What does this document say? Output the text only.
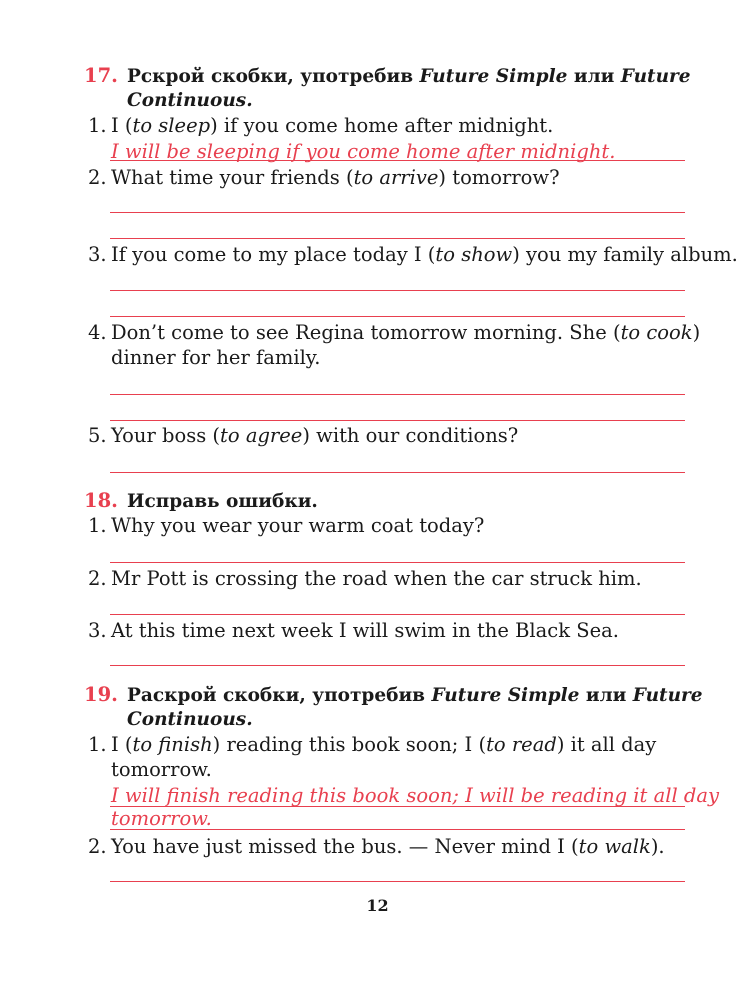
17. Рскрой скобки, употребив Future Simple или Future
Continuous.
1. I (to sleep) if you come home after midnight.
I will be sleeping if you come home after midnight.
2. What time your friends (to arrive) tomorrow?
3. If you come to my place today I (to show) you my family album.
4. Don’t come to see Regina tomorrow morning. She (to cook)
dinner for her family.
5. Your boss (to agree) with our conditions?
18. Исправь ошибки.
1. Why you wear your warm coat today?
2. Mr Pott is crossing the road when the car struck him.
3. At this time next week I will swim in the Black Sea.
19. Раскрой скобки, употребив Future Simple или Future
Continuous.
1. I (to finish) reading this book soon; I (to read) it all day
tomorrow.
I will finish reading this book soon; I will be reading it all day
tomorrow.
2. You have just missed the bus. — Never mind I (to walk).
12
